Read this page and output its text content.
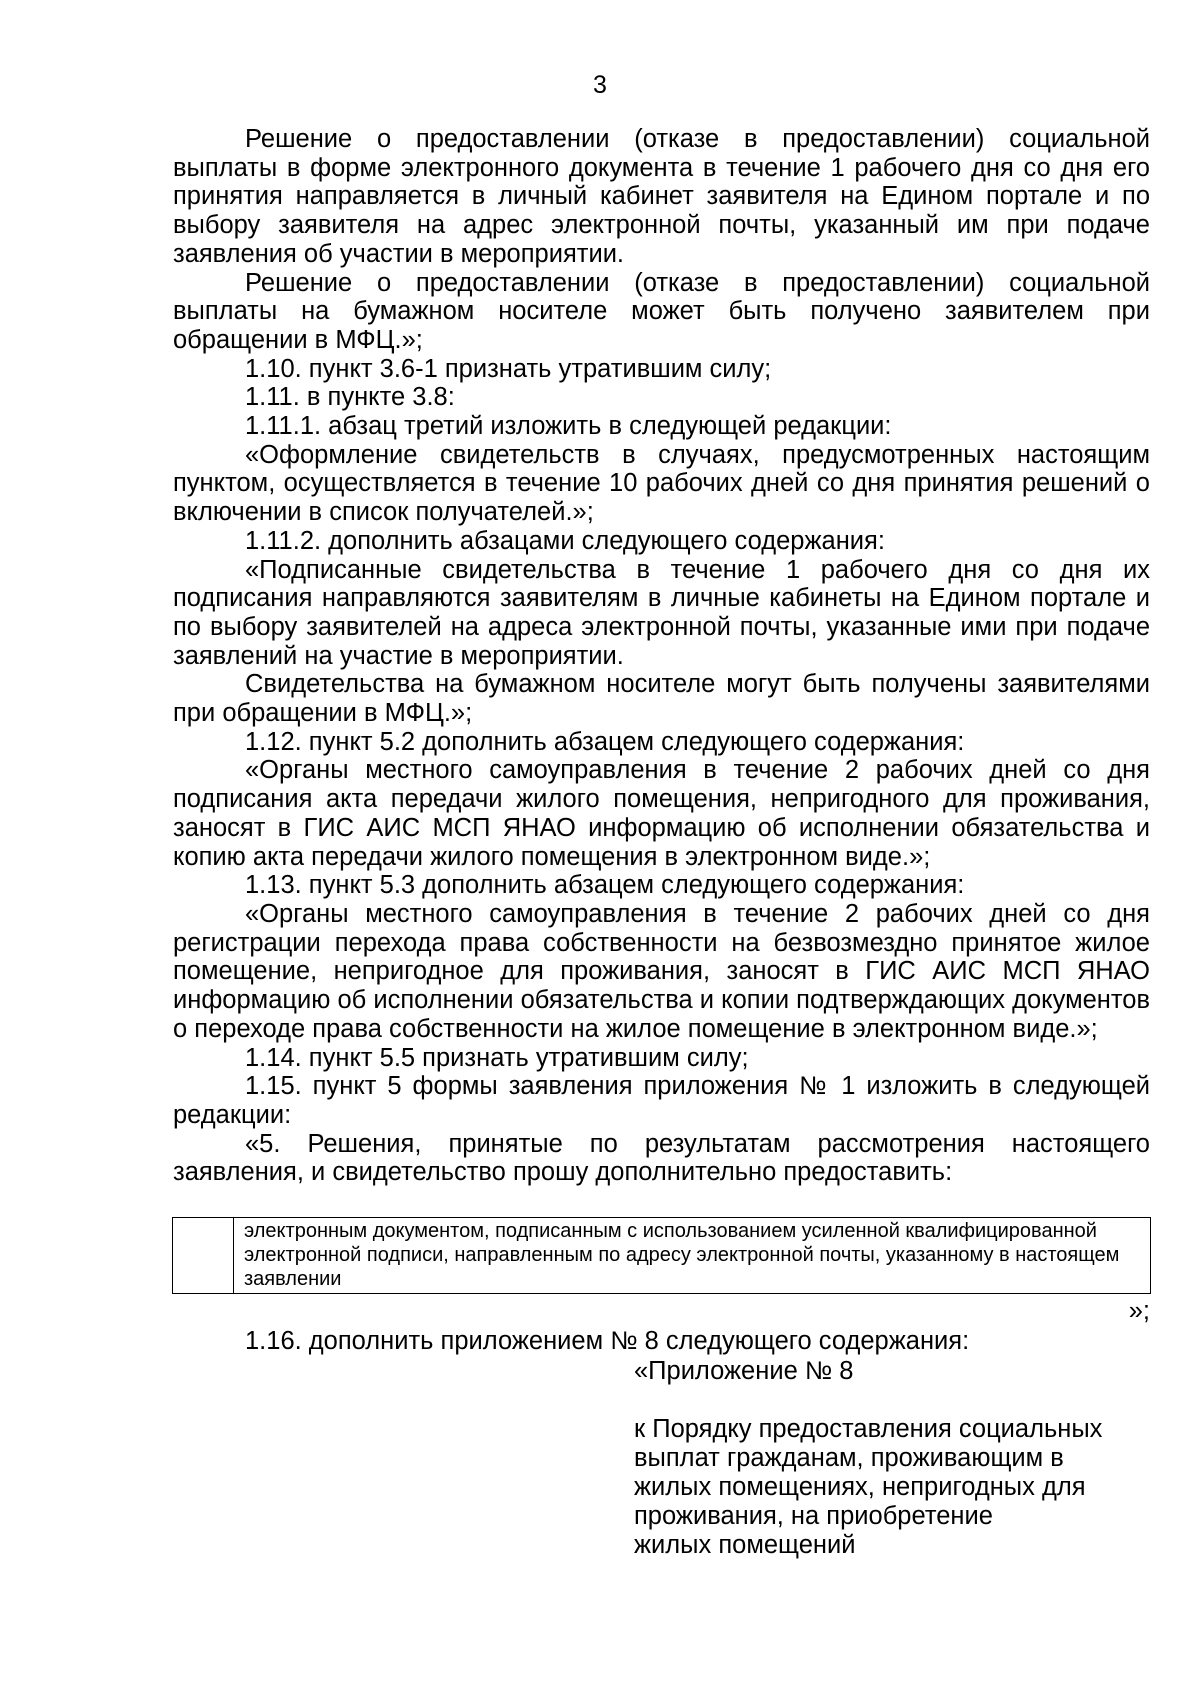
3

Решение о предоставлении (отказе в предоставлении) социальной выплаты в форме электронного документа в течение 1 рабочего дня со дня его принятия направляется в личный кабинет заявителя на Едином портале и по выбору заявителя на адрес электронной почты, указанный им при подаче заявления об участии в мероприятии.

Решение о предоставлении (отказе в предоставлении) социальной выплаты на бумажном носителе может быть получено заявителем при обращении в МФЦ.»;

1.10. пункт 3.6-1 признать утратившим силу;

1.11. в пункте 3.8:

1.11.1. абзац третий изложить в следующей редакции:

«Оформление свидетельств в случаях, предусмотренных настоящим пунктом, осуществляется в течение 10 рабочих дней со дня принятия решений о включении в список получателей.»;

1.11.2. дополнить абзацами следующего содержания:

«Подписанные свидетельства в течение 1 рабочего дня со дня их подписания направляются заявителям в личные кабинеты на Едином портале и по выбору заявителей на адреса электронной почты, указанные ими при подаче заявлений на участие в мероприятии.

Свидетельства на бумажном носителе могут быть получены заявителями при обращении в МФЦ.»;

1.12. пункт 5.2 дополнить абзацем следующего содержания:

«Органы местного самоуправления в течение 2 рабочих дней со дня подписания акта передачи жилого помещения, непригодного для проживания, заносят в ГИС АИС МСП ЯНАО информацию об исполнении обязательства и копию акта передачи жилого помещения в электронном виде.»;

1.13. пункт 5.3 дополнить абзацем следующего содержания:

«Органы местного самоуправления в течение 2 рабочих дней со дня регистрации перехода права собственности на безвозмездно принятое жилое помещение, непригодное для проживания, заносят в ГИС АИС МСП ЯНАО информацию об исполнении обязательства и копии подтверждающих документов о переходе права собственности на жилое помещение в электронном виде.»;

1.14. пункт 5.5 признать утратившим силу;

1.15. пункт 5 формы заявления приложения № 1 изложить в следующей редакции:

«5. Решения, принятые по результатам рассмотрения настоящего заявления, и свидетельство прошу дополнительно предоставить:

	электронным документом, подписанным с использованием усиленной квалифицированной электронной подписи, направленным по адресу электронной почты, указанному в настоящем заявлении
»;
1.16. дополнить приложением № 8 следующего содержания:
«Приложение № 8
к Порядку предоставления социальных
выплат гражданам, проживающим в
жилых помещениях, непригодных для
проживания, на приобретение
жилых помещений
